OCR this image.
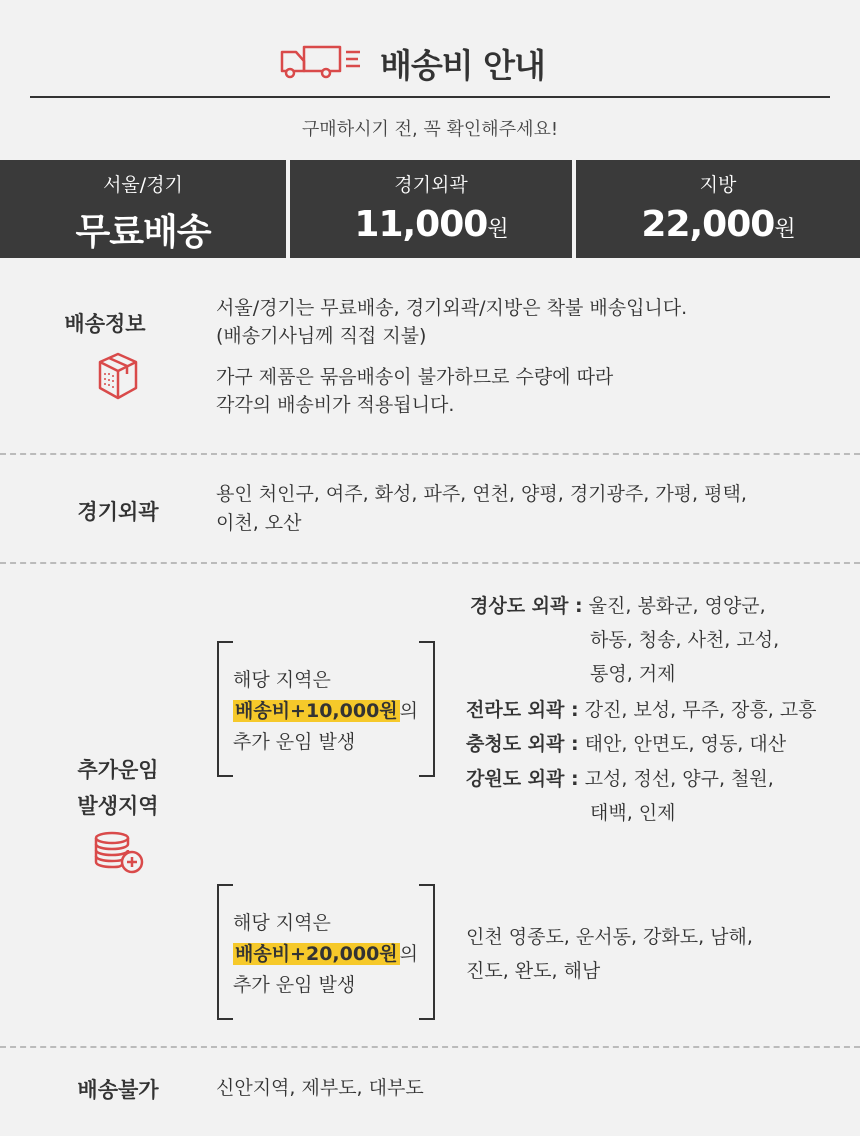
배송비 안내
구매하시기 전, 꼭 확인해주세요!
서울/경기
무료배송
경기외곽
11,000원
지방
22,000원
배송정보
서울/경기는 무료배송, 경기외곽/지방은 착불 배송입니다.
(배송기사님께 직접 지불)
가구 제품은 묶음배송이 불가하므로 수량에 따라
각각의 배송비가 적용됩니다.
경기외곽
용인 처인구, 여주, 화성, 파주, 연천, 양평, 경기광주, 가평, 평택,
이천, 오산
추가운임
발생지역
해당 지역은
배송비+10,000원 의
추가 운임 발생
경상도 외곽 : 울진, 봉화군, 영양군,
하동, 청송, 사천, 고성,
통영, 거제
전라도 외곽 : 강진, 보성, 무주, 장흥, 고흥
충청도 외곽 : 태안, 안면도, 영동, 대산
강원도 외곽 : 고성, 정선, 양구, 철원,
태백, 인제
해당 지역은
배송비+20,000원 의
추가 운임 발생
인천 영종도, 운서동, 강화도, 남해,
진도, 완도, 해남
배송불가	신안지역, 제부도, 대부도
